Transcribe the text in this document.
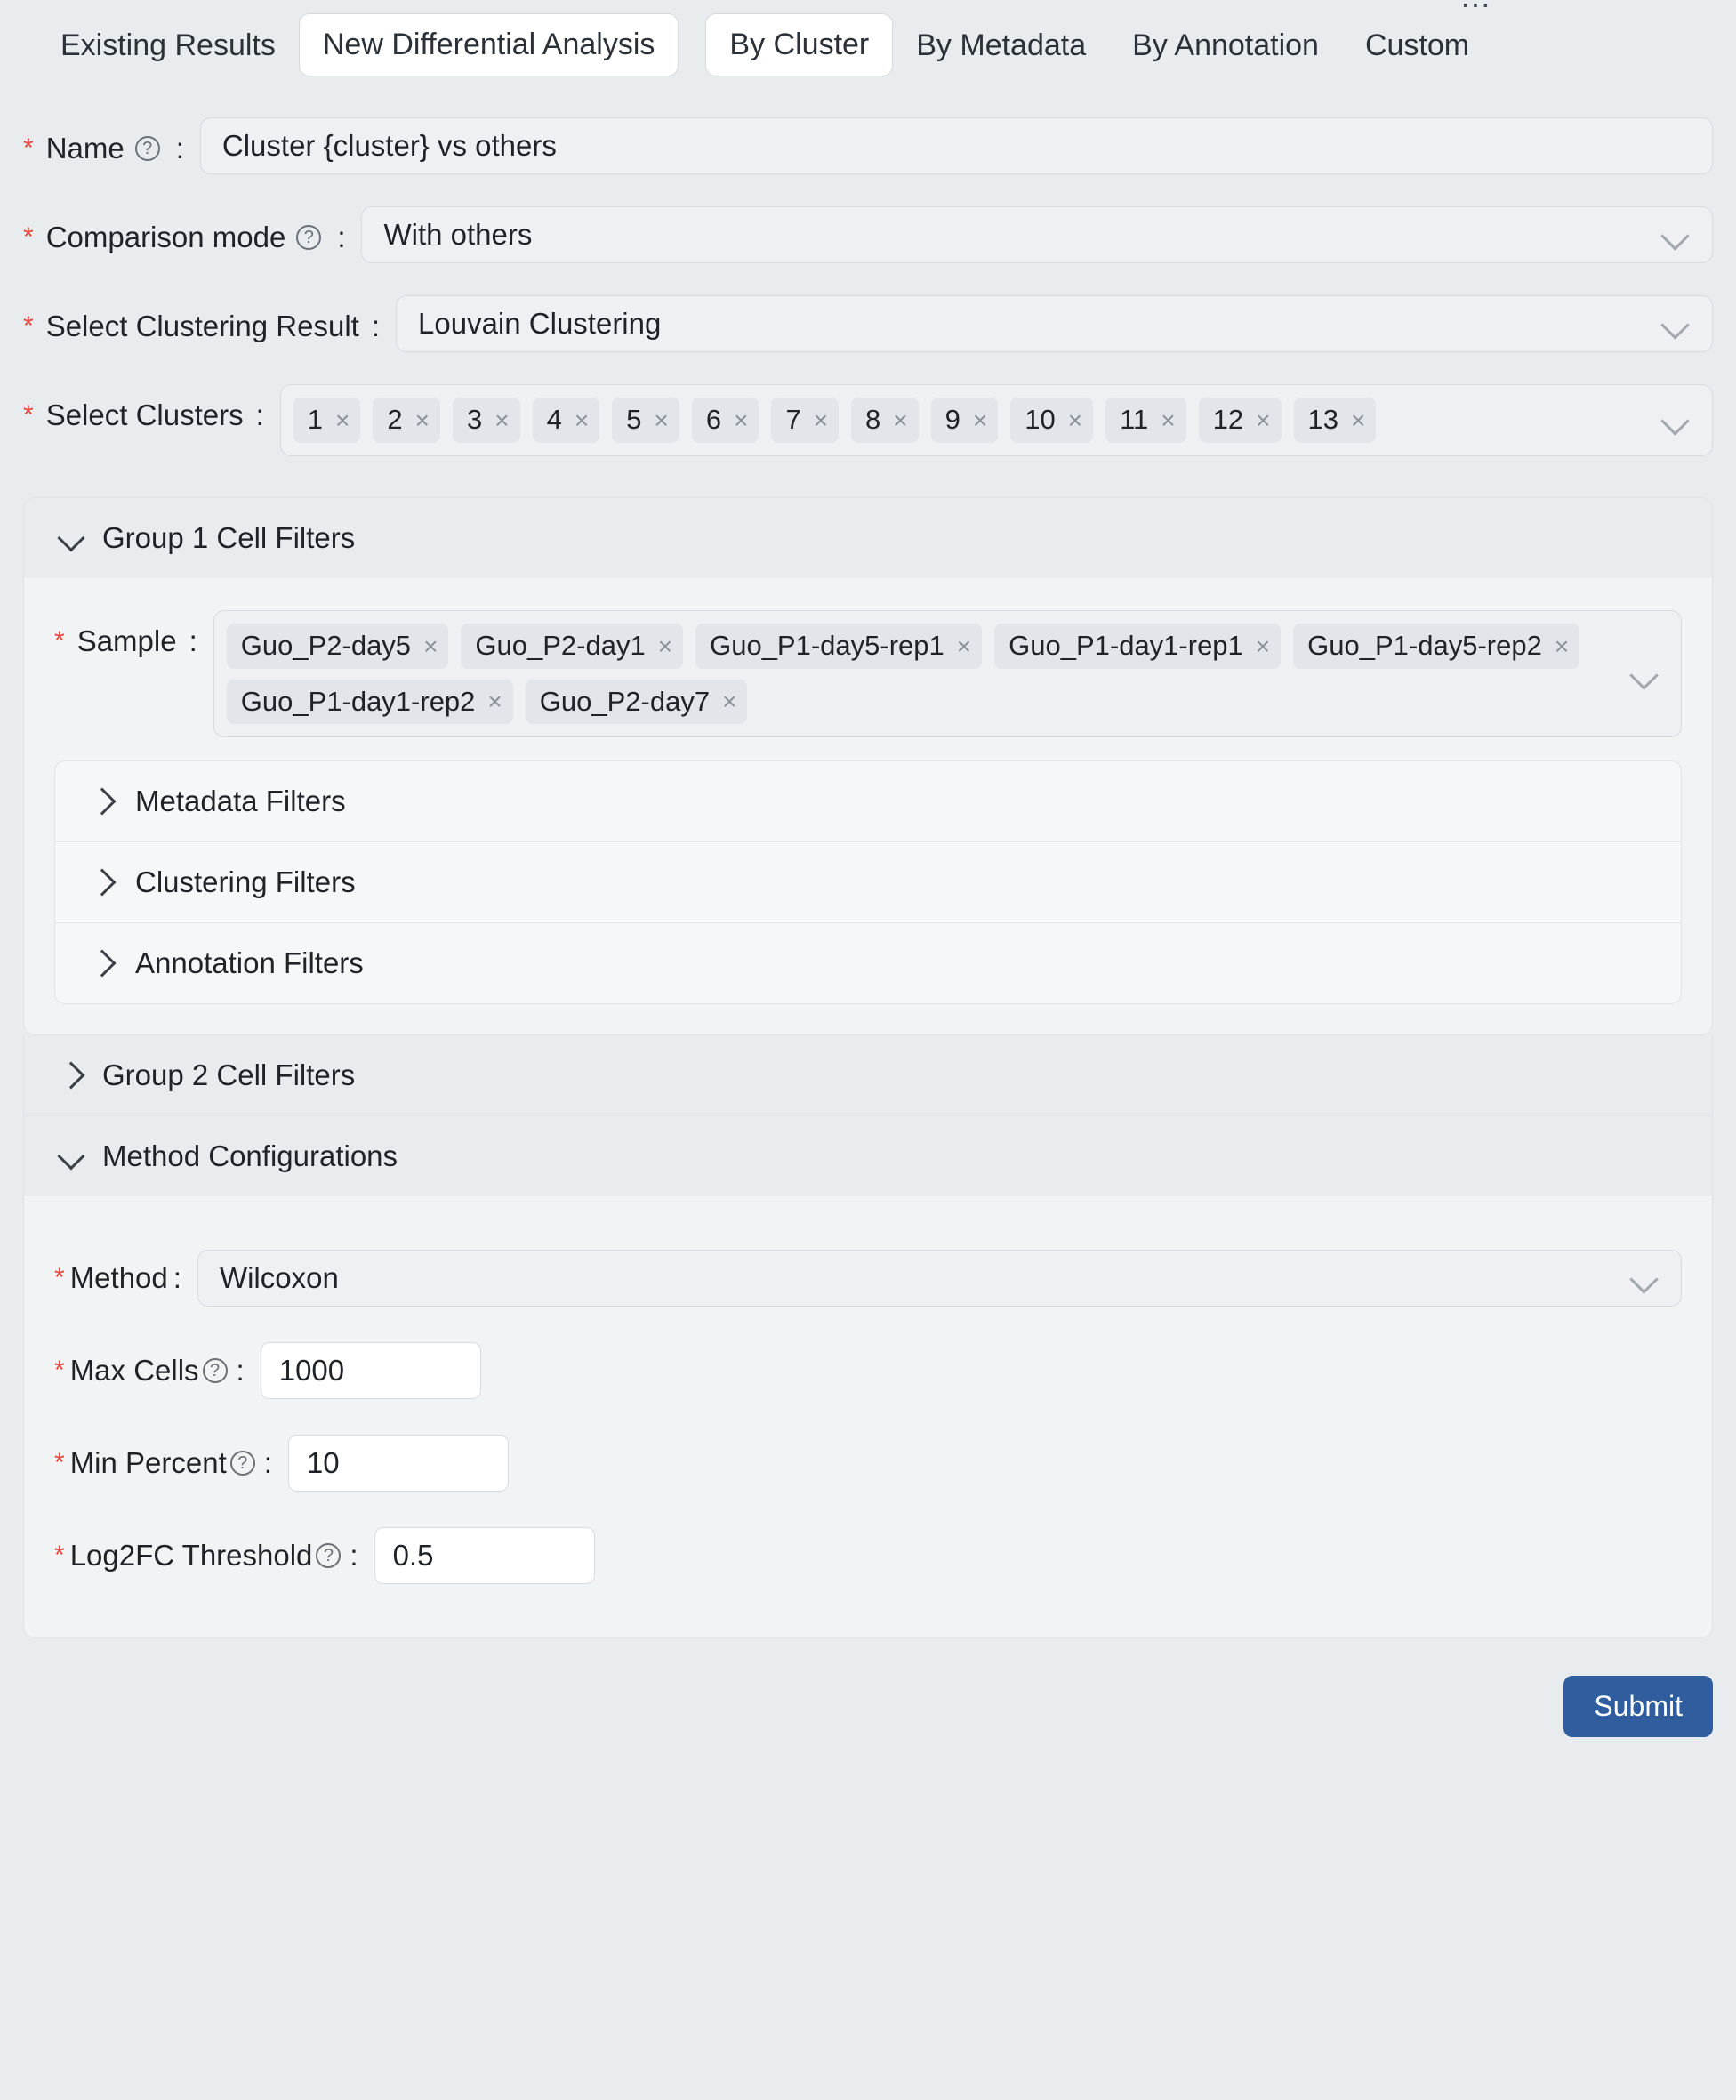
⋯
Existing Results	New Differential Analysis	By Cluster	By Metadata	By Annotation	Custom
* Name	? : Cluster {cluster} vs others
* Comparison mode	? : With others
* Select Clustering Result : Louvain Clustering
* Select Clusters : 1 × 2 × 3 × 4 × 5 × 6 × 7 × 8 × 9 × 10 × 11 × 12 × 13 ×
Group 1 Cell Filters
* Sample : Guo_P2-day5 × Guo_P2-day1 × Guo_P1-day5-rep1 × Guo_P1-day1-rep1 × Guo_P1-day5-rep2 ×
Guo_P1-day1-rep2 × Guo_P2-day7 ×
Metadata Filters
Clustering Filters
Annotation Filters
Group 2 Cell Filters
Method Configurations
* Method : Wilcoxon
* Max Cells ? : 1000
* Min Percent ? : 10
* Log2FC Threshold ? : 0.5
Submit
